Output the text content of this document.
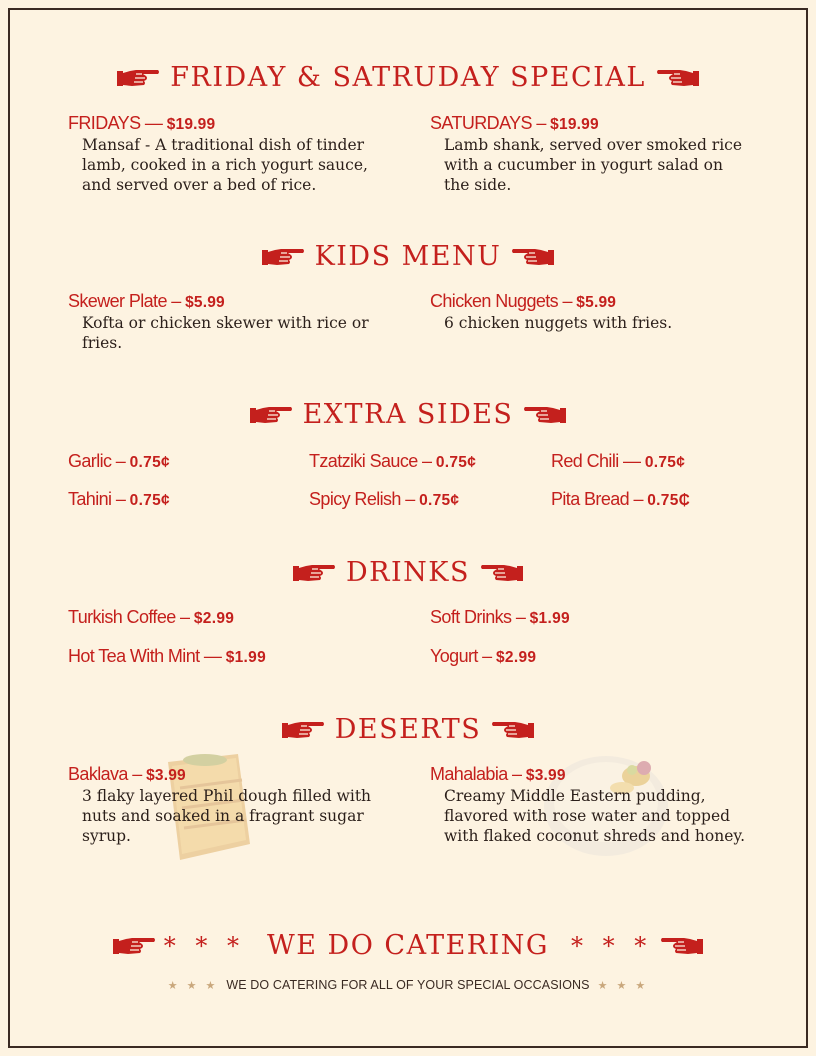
FRIDAY & SATRUDAY SPECIAL
FRIDAYS — $19.99
Mansaf - A traditional dish of tinder lamb, cooked in a rich yogurt sauce, and served over a bed of rice.
SATURDAYS – $19.99
Lamb shank, served over smoked rice with a cucumber in yogurt salad on the side.
KIDS MENU
Skewer Plate – $5.99
Kofta or chicken skewer with rice or fries.
Chicken Nuggets – $5.99
6 chicken nuggets with fries.
EXTRA SIDES
Garlic – 0.75¢	Tzatziki Sauce – 0.75¢	Red Chili — 0.75¢
Tahini – 0.75¢	Spicy Relish – 0.75¢	Pita Bread – 0.75₵
DRINKS
Turkish Coffee – $2.99	Soft Drinks – $1.99
Hot Tea With Mint — $1.99	Yogurt – $2.99
DESERTS
Baklava – $3.99
3 flaky layered Phil dough filled with nuts and soaked in a fragrant sugar syrup.
Mahalabia – $3.99
Creamy Middle Eastern pudding, flavored with rose water and topped with flaked coconut shreds and honey.
* * * WE DO CATERING * * *
★ ★ ★ WE DO CATERING FOR ALL OF YOUR SPECIAL OCCASIONS ★ ★ ★
